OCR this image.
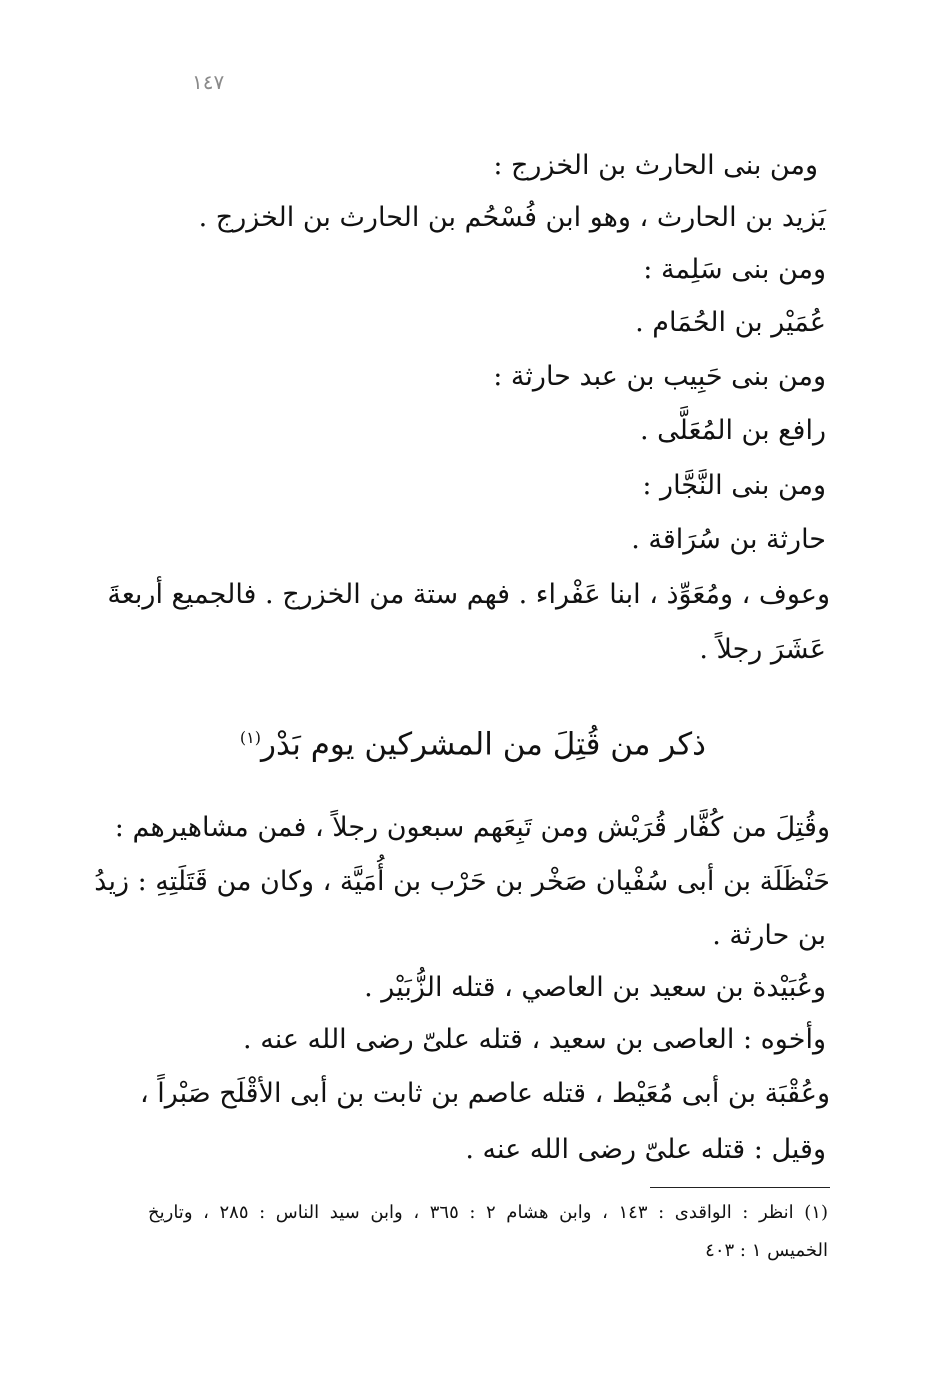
١٤٧
ومن بنى الحارث بن الخزرج :
يَزيد بن الحارث ، وهو ابن فُسْحُم بن الحارث بن الخزرج .
ومن بنى سَلِمة :
عُمَيْر بن الحُمَام .
ومن بنى حَبِيب بن عبد حارثة :
رافع بن المُعَلَّى .
ومن بنى النَّجَّار :
حارثة بن سُرَاقة .
وعوف ، ومُعَوِّذ ، ابنا عَفْراء . فهم ستة من الخزرج . فالجميع أربعةَ
عَشَرَ رجلاً .
ذكر من قُتِلَ من المشركين يوم بَدْر$^{(١)}$
وقُتِلَ من كُفَّار قُرَيْش ومن تَبِعَهم سبعون رجلاً ، فمن مشاهيرهم :
حَنْظَلَة بن أبى سُفْيان صَخْر بن حَرْب بن أُمَيَّة ، وكان من قَتَلَتِهِ : زيدُ
بن حارثة .
وعُبَيْدة بن سعيد بن العاصي ، قتله الزُّبَيْر .
وأخوه : العاصى بن سعيد ، قتله علىّ رضى الله عنه .
وعُقْبَة بن أبى مُعَيْط ، قتله عاصم بن ثابت بن أبى الأقْلَح صَبْراً ،
وقيل : قتله علىّ رضى الله عنه .
(١) انظر : الواقدى : ١٤٣ ، وابن هشام ٢ : ٣٦٥ ، وابن سيد الناس : ٢٨٥ ، وتاريخ
الخميس ١ : ٤٠٣
